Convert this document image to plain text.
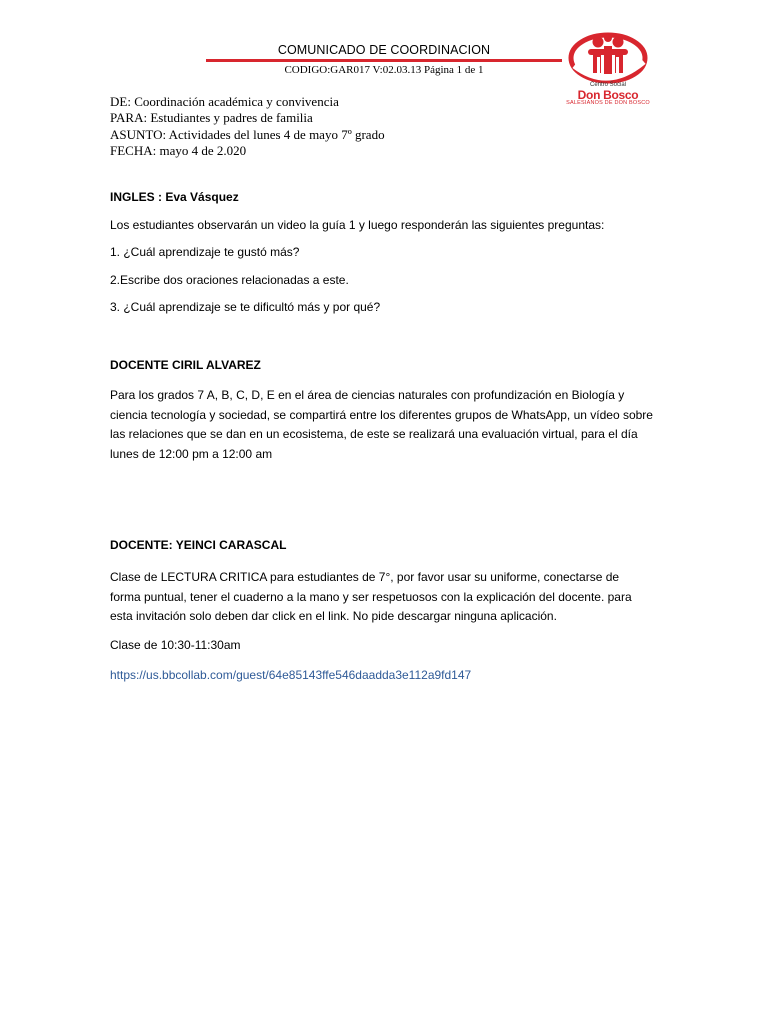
COMUNICADO DE COORDINACION
CODIGO:GAR017 V:02.03.13 Página 1 de 1
Centro Social
Don Bosco
SALESIANOS DE DON BOSCO
DE: Coordinación académica y convivencia
PARA: Estudiantes y padres de familia
ASUNTO: Actividades del lunes 4 de mayo 7º grado
FECHA: mayo 4 de 2.020
INGLES : Eva Vásquez

Los estudiantes observarán un video la guía 1 y luego responderán las siguientes preguntas:

1. ¿Cuál aprendizaje te gustó más?

2.Escribe dos oraciones relacionadas a este.

3. ¿Cuál aprendizaje se te dificultó más y por qué?

DOCENTE CIRIL ALVAREZ

Para los grados 7 A, B, C, D, E en el área de ciencias naturales con profundización en Biología y ciencia tecnología y sociedad, se compartirá entre los diferentes grupos de WhatsApp, un vídeo sobre las relaciones que se dan en un ecosistema, de este se realizará una evaluación virtual, para el día lunes de 12:00 pm a 12:00 am

DOCENTE: YEINCI CARASCAL

Clase de LECTURA CRITICA para estudiantes de 7°, por favor usar su uniforme, conectarse de forma puntual, tener el cuaderno a la mano y ser respetuosos con la explicación del docente. para esta invitación solo deben dar click en el link. No pide descargar ninguna aplicación.

Clase de 10:30-11:30am

https://us.bbcollab.com/guest/64e85143ffe546daadda3e112a9fd147
